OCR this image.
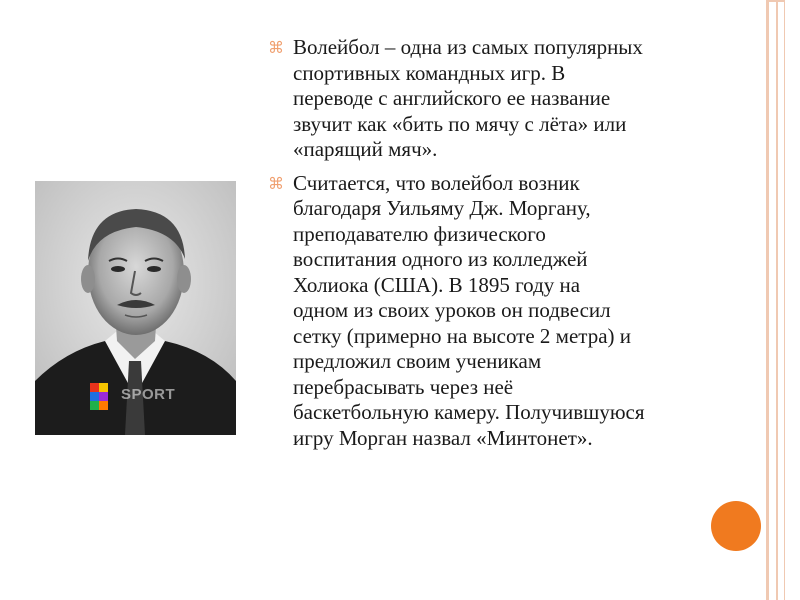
SPORT
⌘ Волейбол – одна из самых популярных
спортивных командных игр. В
переводе с английского ее название
звучит как «бить по мячу с лёта» или
«парящий мяч».
⌘ Считается, что волейбол возник
благодаря Уильяму Дж. Моргану,
преподавателю физического
воспитания одного из колледжей
Холиока (США). В 1895 году на
одном из своих уроков он подвесил
сетку (примерно на высоте 2 метра) и
предложил своим ученикам
перебрасывать через неё
баскетбольную камеру. Получившуюся
игру Морган назвал «Минтонет».
